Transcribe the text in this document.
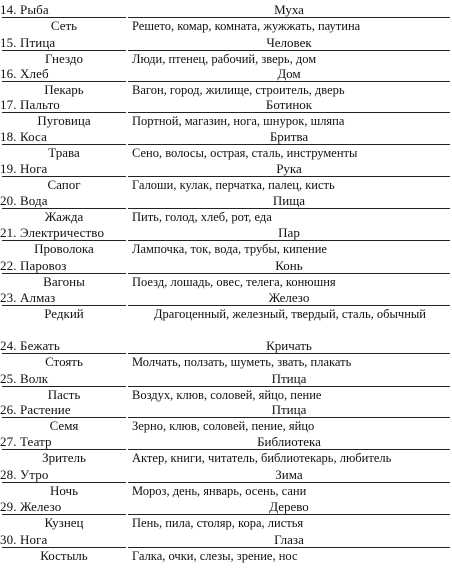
14. Рыба
Сеть
Муха
Решето, комар, комната, жужжать, паутина
15. Птица
Гнездо
Человек
Люди, птенец, рабочий, зверь, дом
16. Хлеб
Пекарь
Дом
Вагон, город, жилище, строитель, дверь
17. Пальто
Пуговица
Ботинок
Портной, магазин, нога, шнурок, шляпа
18. Коса
Трава
Бритва
Сено, волосы, острая, сталь, инструменты
19. Нога
Сапог
Рука
Галоши, кулак, перчатка, палец, кисть
20. Вода
Жажда
Пища
Пить, голод, хлеб, рот, еда
21. Электричество
Проволока
Пар
Лампочка, ток, вода, трубы, кипение
22. Паровоз
Вагоны
Конь
Поезд, лошадь, овес, телега, конюшня
23. Алмаз
Редкий
Железо
Драгоценный, железный, твердый, сталь, обычный
24. Бежать
Стоять
Кричать
Молчать, ползать, шуметь, звать, плакать
25. Волк
Пасть
Птица
Воздух, клюв, соловей, яйцо, пение
26. Растение
Семя
Птица
Зерно, клюв, соловей, пение, яйцо
27. Театр
Зритель
Библиотека
Актер, книги, читатель, библиотекарь, любитель
28. Утро
Ночь
Зима
Мороз, день, январь, осень, сани
29. Железо
Кузнец
Дерево
Пень, пила, столяр, кора, листья
30. Нога
Костыль
Глаза
Галка, очки, слезы, зрение, нос
